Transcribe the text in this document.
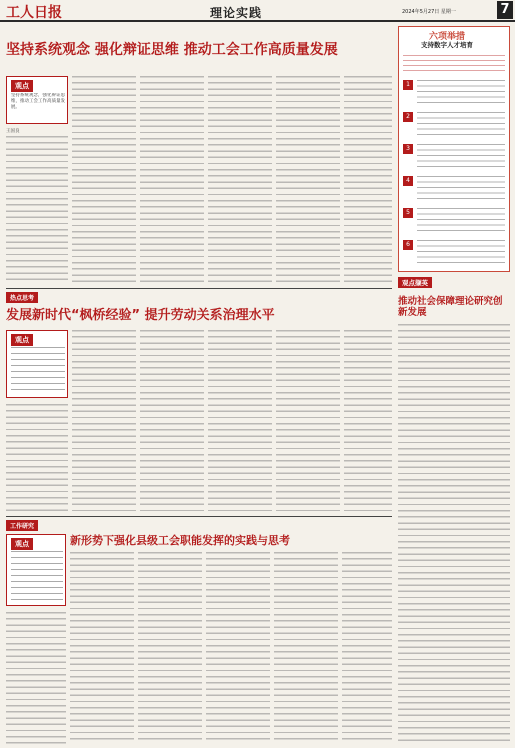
工人日报	理论实践	2024年5月27日 星期一	7
坚持系统观念 强化辩证思维 推动工会工作高质量发展
观点
坚持系统观念，强化辩证思维，推动工会工作高质量发展。
王国良
六项举措
支持数字人才培育
1
2
3
4
5
6
观点撷英
推动社会保障理论研究创新发展
热点思考
发展新时代“枫桥经验” 提升劳动关系治理水平
观点
工作研究
新形势下强化县级工会职能发挥的实践与思考
观点
